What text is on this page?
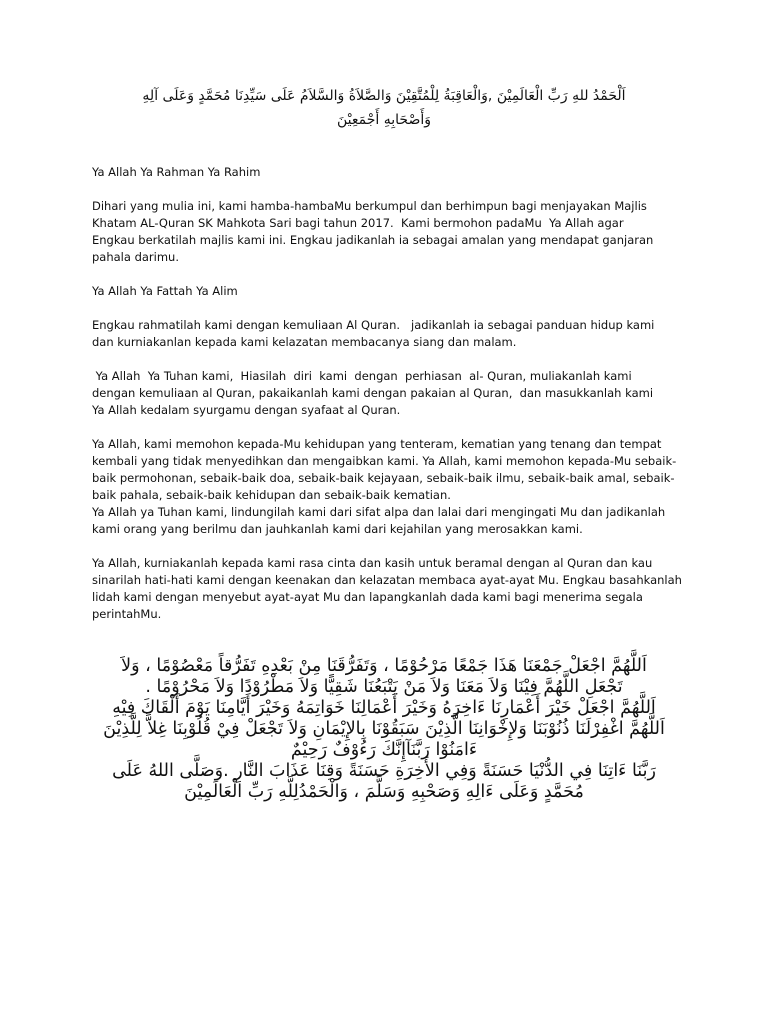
اَلْحَمْدُ للهِ رَبِّ الْعَالَمِيْنَ ,وَالْعَاقِبَةُ لِلْمُتَّقِيْنَ وَالصَّلاَةُ وَالسَّلاَمُ عَلَى سَيِّدِنَا مُحَمَّدٍ وَعَلَى آلِهِ

وَأَصْحَابِهِ أَجْمَعِيْنَ

Ya Allah Ya Rahman Ya Rahim

Dihari yang mulia ini, kami hamba-hambaMu berkumpul dan berhimpun bagi menjayakan Majlis

Khatam AL-Quran SK Mahkota Sari bagi tahun 2017.  Kami bermohon padaMu  Ya Allah agar

Engkau berkatilah majlis kami ini. Engkau jadikanlah ia sebagai amalan yang mendapat ganjaran

pahala darimu.

Ya Allah Ya Fattah Ya Alim

Engkau rahmatilah kami dengan kemuliaan Al Quran.   jadikanlah ia sebagai panduan hidup kami

dan kurniakanlan kepada kami kelazatan membacanya siang dan malam.

Ya Allah  Ya Tuhan kami,  Hiasilah  diri  kami  dengan  perhiasan  al- Quran, muliakanlah kami

dengan kemuliaan al Quran, pakaikanlah kami dengan pakaian al Quran,  dan masukkanlah kami

Ya Allah kedalam syurgamu dengan syafaat al Quran.

Ya Allah, kami memohon kepada-Mu kehidupan yang tenteram, kematian yang tenang dan tempat

kembali yang tidak menyedihkan dan mengaibkan kami. Ya Allah, kami memohon kepada-Mu sebaik-

baik permohonan, sebaik-baik doa, sebaik-baik kejayaan, sebaik-baik ilmu, sebaik-baik amal, sebaik-

baik pahala, sebaik-baik kehidupan dan sebaik-baik kematian.

Ya Allah ya Tuhan kami, lindungilah kami dari sifat alpa dan lalai dari mengingati Mu dan jadikanlah

kami orang yang berilmu dan jauhkanlah kami dari kejahilan yang merosakkan kami.

Ya Allah, kurniakanlah kepada kami rasa cinta dan kasih untuk beramal dengan al Quran dan kau

sinarilah hati-hati kami dengan keenakan dan kelazatan membaca ayat-ayat Mu. Engkau basahkanlah

lidah kami dengan menyebut ayat-ayat Mu dan lapangkanlah dada kami bagi menerima segala

perintahMu.

اَللَّهُمَّ اجْعَلْ جَمْعَنَا هَذَا جَمْعًا مَرْحُوْمًا ، وَتَفَرُّقَنَا مِنْ بَعْدِهِ تَفَرُّقاً مَعْصُوْمًا ، وَلاَ

تَجْعَلِ اللَّهُمَّ فِيْنَا وَلاَ مَعَنَا وَلاَ مَنْ يَتْبَعُنَا شَقِيًّا وَلاَ مَطْرُوْدًا وَلاَ مَحْرُوْمًا .

اَللَّهُمَّ اجْعَلْ خَيْرَ أَعْمَارِنَا ءَاخِرَهُ وَخَيْرَ أَعْمَالِنَا خَوَاتِمَهُ وَخَيْرَ أَيَّامِنَا يَوْمَ أَلْقَاكَ فِيْهِ

اَللَّهُمَّ اغْفِرْلَنَا ذُنُوْبَنَا وَلإِخْوَانِنَا الَّذِيْنَ سَبَقُوْنَا بِالإِيْمَانِ وَلاَ تَجْعَلْ فِيْ قُلُوْبِنَا غِلاًّ لِلَّذِيْنَ

ءَامَنُوْا رَبَّنَآإِنَّكَ رَءُوْفٌ رَحِيْمٌ

رَبَّنَا ءَاتِنَا فِي الدُّنْيَا حَسَنَةً وَفِي الأَخِرَةِ حَسَنَةً وَقِنَا عَذَابَ النَّارِ .وَصَلَّى اللهُ عَلَى

مُحَمَّدٍ وَعَلَى ءَالِهِ وَصَحْبِهِ وَسَلَّمَ ، وَالْحَمْدُلِلَّهِ رَبِّ الْعَالَمِيْنَ
